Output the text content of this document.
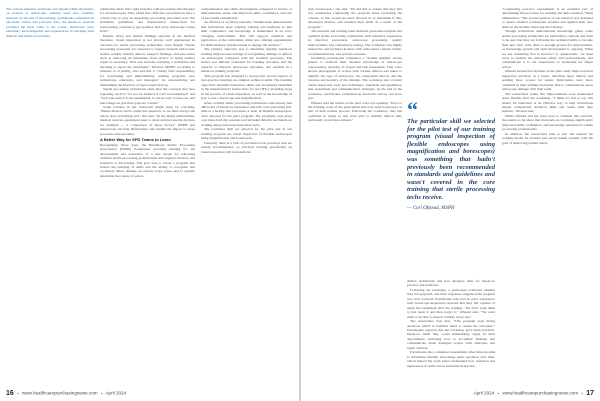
The various material, textbooks and details within the hands-on portion of endoscopic training were also carefully selected. At the end of the training, participants completed an electronic survey and post-test. Also, the hands-on sessions provided the most value to the course. Instructors were extremely knowledgeable and experienced in teaching both didactic and hands-on portions.

achievable data's that could interfere with processing effectiveness for all endoscopes. They added that "effective preventatives have a critical role to play in supporting processing personnel now that standards, guidelines, and manufacturer instructions for reprocessing continue to get updated, and every endoscope comes from."

Despite those and similar findings reported in the medical literature, visual inspection is not always well represented in curricula for sterile processing technicians, even though "Sterile processing personnel are expected to inspect beneath endoscopic modes, reliably identify defects, interpret findings, and take action such as removing an instrument from service or doing another repair as necessary. That role includes notifying a technician and deciding to repair the instrument," Ofstead, MSPH, according to Ofstead, et al (2020), who add that it "clearly falls responsibility for developing and implementing training programs onto technicians, educators, and managers" for standardizing and maintaining the function of reprocessed devices.

Sterile processing technicians often hear the concepts that bear repeating, such as "it's not for biomed, it can't be normalized" and "we'll just send it to the department, it can be easy to tune out, and knowledge on practices gaps are created."

Some learners in the classroom might learn by watching. "Marna Nelson can be called into question, so we must always ask where does everything end," she said. "In the hiring environment, medical devices, equipment used to clean and process the devices, for example — a comparison of those factors" MSPH and inspections can help differentiate and explain the impact to those processes and outcomes.

A Better Way for SPD Teams to Learn

Recognizing those gaps, the Healthcare Sterile Processing Association (HSPA) Foundation provided funding for the development and evaluation of a new model for educating certified sterile processing professionals that supports mastery and retention of knowledge. The goal was to create a program that fosters the building of skills and the ability to recognize and accurately detect damage on various scope types, and to quickly determine the course of action.

comprehension and skills development compared to lecture or demonstration alone, and improved skills, confidence, and rate of successful remediation.

As Ofstead, et al (2022) explains, "Studies have demonstrated that technicians need ongoing training and feedback so that their competence and knowledge is maintained in an ever-changing environment. This will support retention and application of the curriculum, while also offering opportunities for skills mastery and discussion to engage the learners."

The primary objective was to determine whether hands-on training improved knowledge of recognizing damage or defects on endoscopes compared with the standard processes. The model was initially evaluated for learning outcomes and the capacity to improve endoscope outcomes, and resulted in a hands-on training program.

This program was designed to incorporate several aspects of best-practice learning on complex technical skills. The learning objectives included inspection skills and techniques identified in the manufacturer's instructions for use (IFU), including steps in the process of visual inspection, as well as the knowledge of how to use a borescope and magnification.

After certified sterile processing technicians with already had 480 hours of hands-on experience and who were practicing full-time at a facility that processes at least 10 flexible endoscopes, were selected for the pilot program. The programs took place over three half-day sessions and included didactic and hands-on training using endoscope inspection tools.

The particular skill we selected for the pilot test of our training program are visual inspection of flexible endoscopes using magnification and borescopes.

Currently there is a lack of preventive best practices that are widely recommended, so practical training specifically on visual inspection will be beneficial.

16 • www.healthcarepurchasingnews.com • April 2024

sixty borescopes," she said. "We did this to ensure that they had two residencies completing the program when reviewing the content, as that would not have allowed us to determine if they developed mastery and retained their skills as a result of the program."

The research and training team included gastroenterologists and certified sterile processing technicians with extensive experience in infection prevention, endoscope processing, quality improvement, and competency testing. The workshop was highly interactive and included lectures with slide-based content, hands-on demonstrations, and practice sessions.

Workshop participants completed a 76-item multiple choice pretest to evaluate their baseline knowledge of endoscope reprocessing, anatomy of scopes and risk assessment. They were shown photographs of scopes with various defects and asked to identify the type of endoscope, the component shown, and the location and severity of the damage. The workshop also covered visual inspection tools and techniques, standards and guidelines, risk assessment and communication strategies. At the end of the workshop, participants completed an electronic survey and post-test.

Ofstead said the results of the pilot were eye-opening. "Prior to the training, none of the participants had ever used borescopes as part of their routine process. Following the workshop, they felt confident in doing so and were able to identify defects they previously would have missed."	“
The particular skill we selected for the pilot test of our training program (visual inspection of flexible endoscopes using magnification and borescopes) was something that hadn't previously been recommended in standards and guidelines and wasn't covered in the core training that sterile processing techs receive.
— Cori Ofstead, MSPH

skilled technicians and had adequate time for hands-on practice and feedback.

Following the workshop, a participant evaluated whether they felt prepared, and their responses suggested the program was well received. Participants who had no prior experience with borescope inspection reported that they felt capable of using the equipment after the training. "We don't want them to just learn it and then forget it," Ofstead said. "We want them to be able to inspect reliably every day."

The researchers note that, "This program even hiring decisions which at facilities hired to assess the outcomes." Participants reported that the workshop gave them practical, hands-on skills they could immediately apply in their departments, including how to document findings and communicate about damaged scopes with clinicians and repair vendors.

Participants also completed assessments after three months to determine whether knowledge gains persisted over time, which helped the team better understand how retention and application of skills can be sustained in practice.

"Conducting post-hoc assessments is an essential part of determining the processes for training and skill retention," Berg emphasized. "The second portion of our research was designed to assess whether participants retained and applied their new skills in the months following the training."

Though technicians demonstrated knowledge gains, some sterile processing technicians are particularly cautious and want to be sure that they are following the technical skills to become their new best. Still, there is enough ground for improvement, as knowledge growth and skill development is ongoing. When we see something that is incorrect or questionable, we must work to address the situation safely and professionally, and communicate it to our supervisors or leadership for future action.

Ofstead shared that facilities in the pilot study improved their inspection practices as a result, detecting more defects and sending more scopes for repair. Participants were more confident in their abilities and better able to communicate about endoscope damage with their team.

The researchers found that improvements were maintained three months after the workshop. "I think it's fair to say this model for education is an effective way to help technicians master complicated technical skills and retain what they learned," Ofstead said.

While Ofstead and her team plan to continue this research, the results so far show that the hands-on workshop significantly improved skills, confidence, and knowledge retention for sterile processing professionals.

In addition, the researchers plan to test and expand the training model for broader use across health systems with the goal of improving patient safety.

April 2024 • www.healthcarepurchasingnews.com • 17
